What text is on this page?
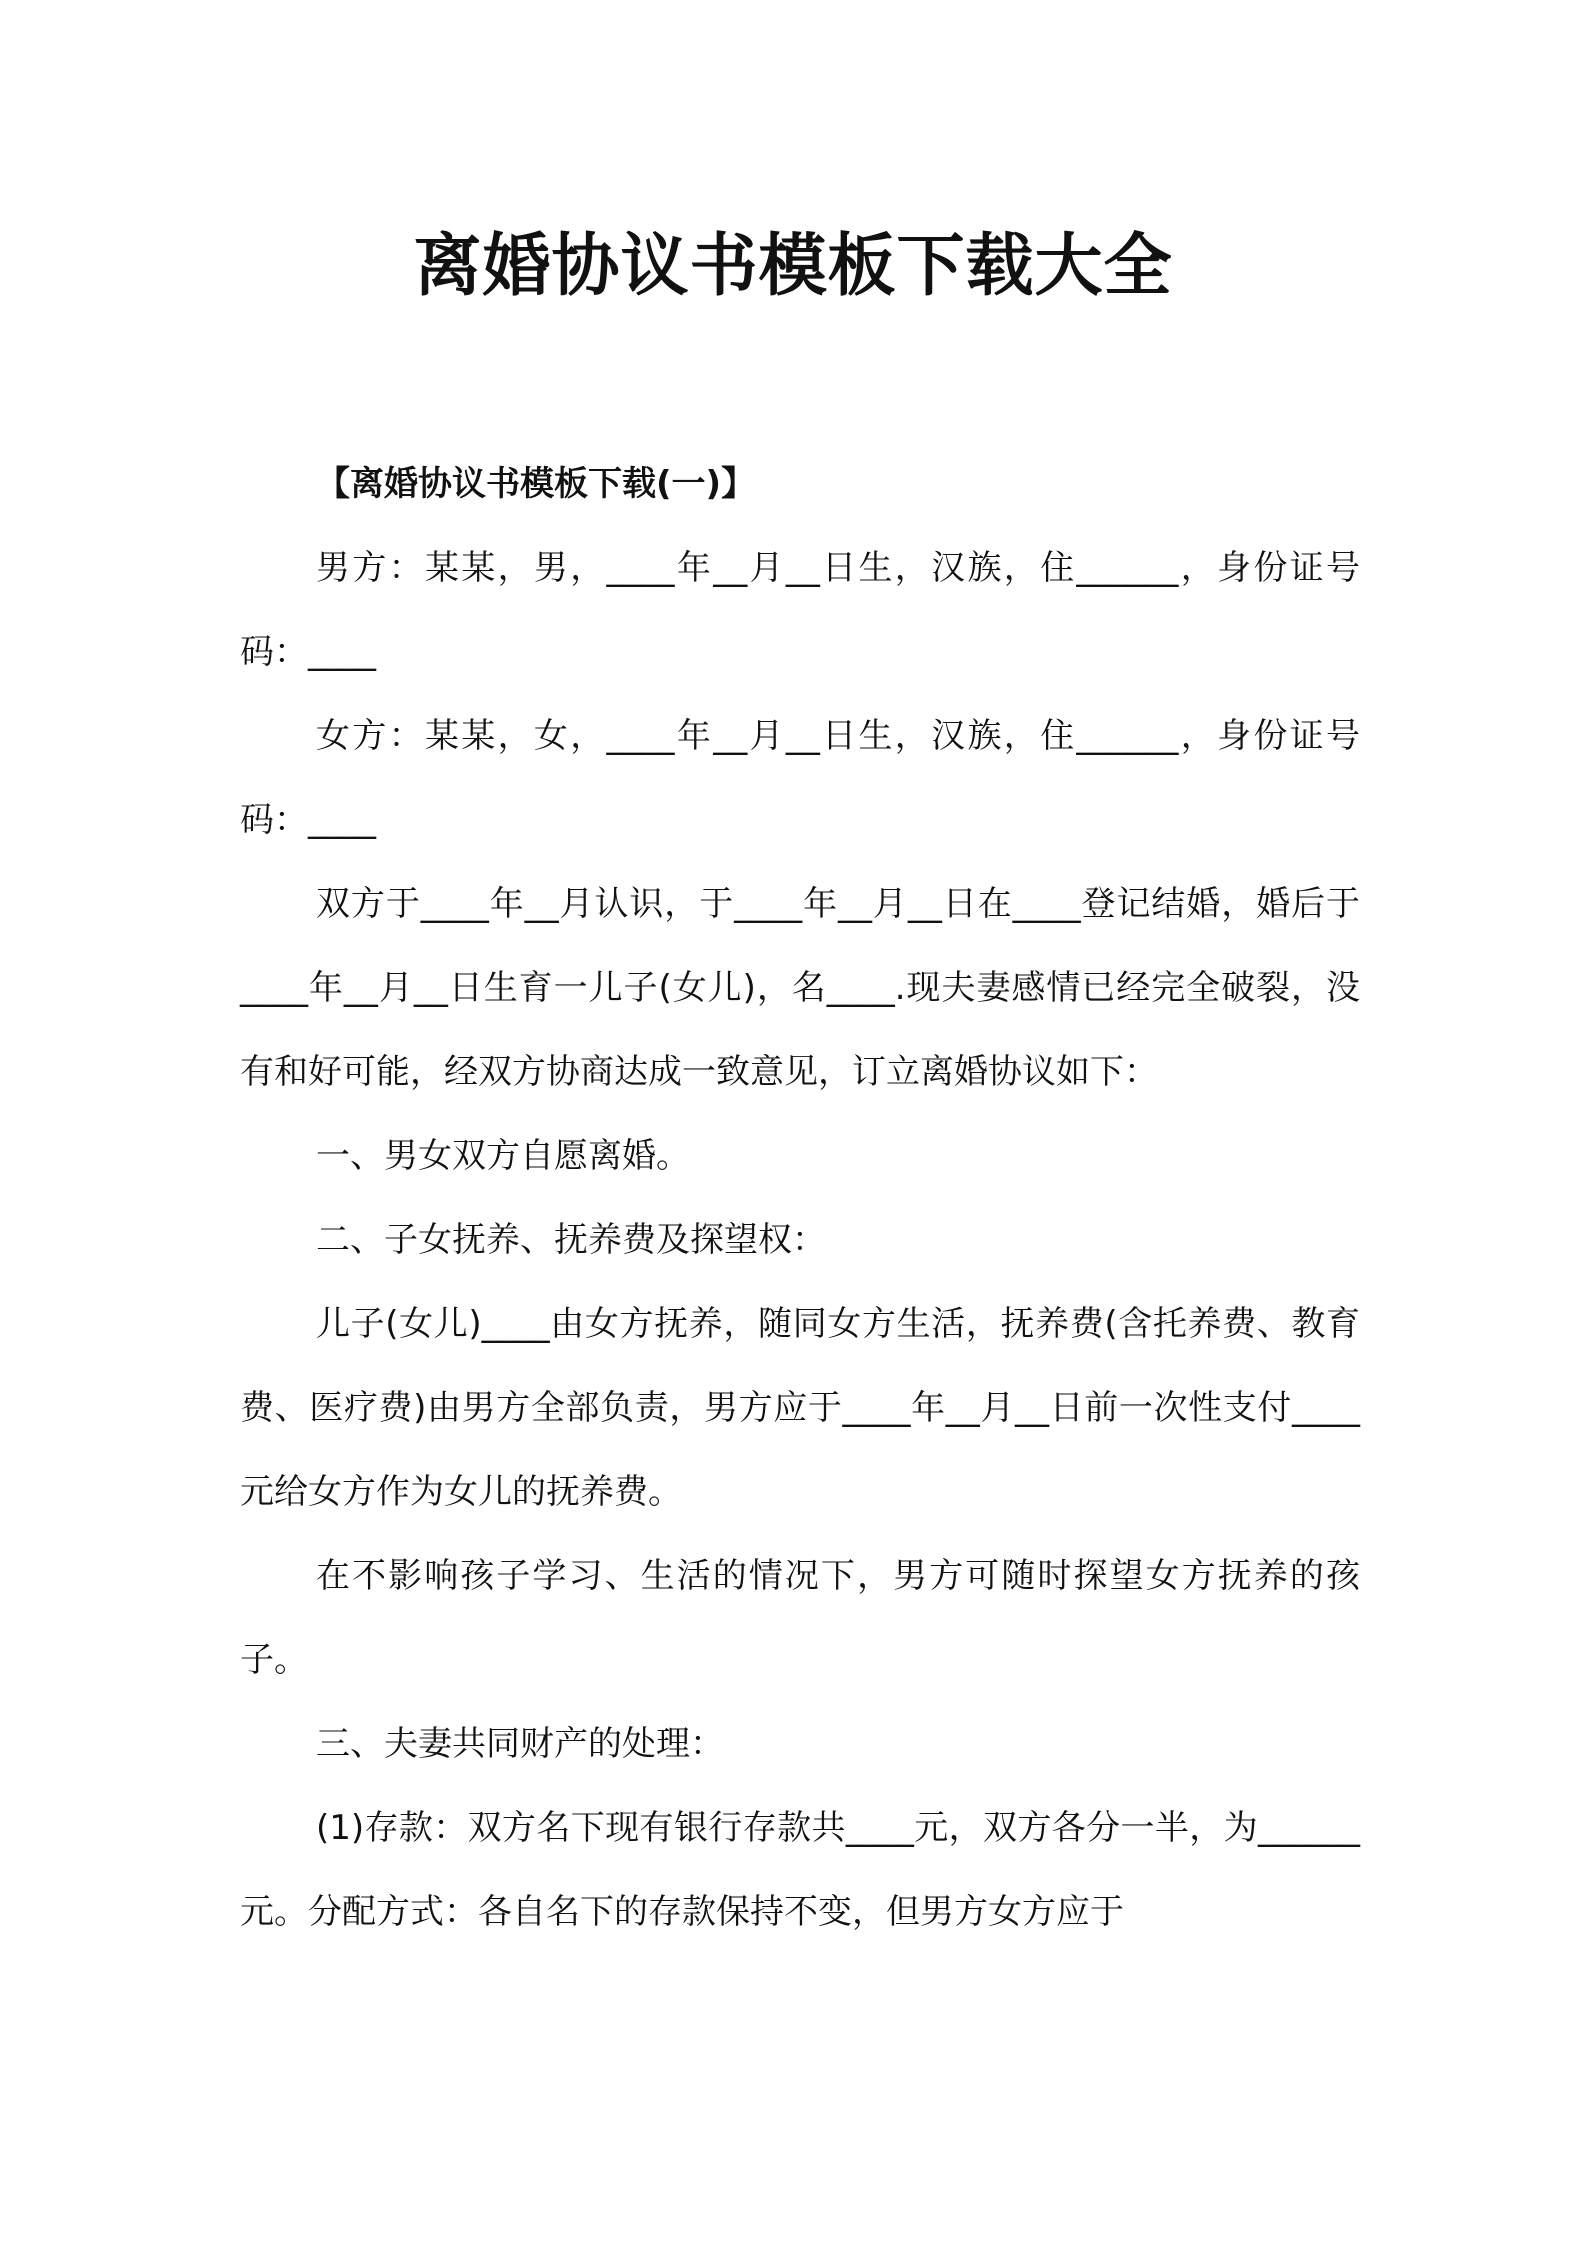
离婚协议书模板下载大全

【离婚协议书模板下载(一)】

男方：某某，男，____年__月__日生，汉族，住______，身份证号码：____

女方：某某，女，____年__月__日生，汉族，住______，身份证号码：____

双方于____年__月认识，于____年__月__日在____登记结婚，婚后于____年__月__日生育一儿子(女儿)，名____.现夫妻感情已经完全破裂，没有和好可能，经双方协商达成一致意见，订立离婚协议如下：

一、男女双方自愿离婚。

二、子女抚养、抚养费及探望权：

儿子(女儿)____由女方抚养，随同女方生活，抚养费(含托养费、教育费、医疗费)由男方全部负责，男方应于____年__月__日前一次性支付____元给女方作为女儿的抚养费。

在不影响孩子学习、生活的情况下，男方可随时探望女方抚养的孩子。

三、夫妻共同财产的处理：

(1)存款：双方名下现有银行存款共____元，双方各分一半，为______元。分配方式：各自名下的存款保持不变，但男方女方应于
